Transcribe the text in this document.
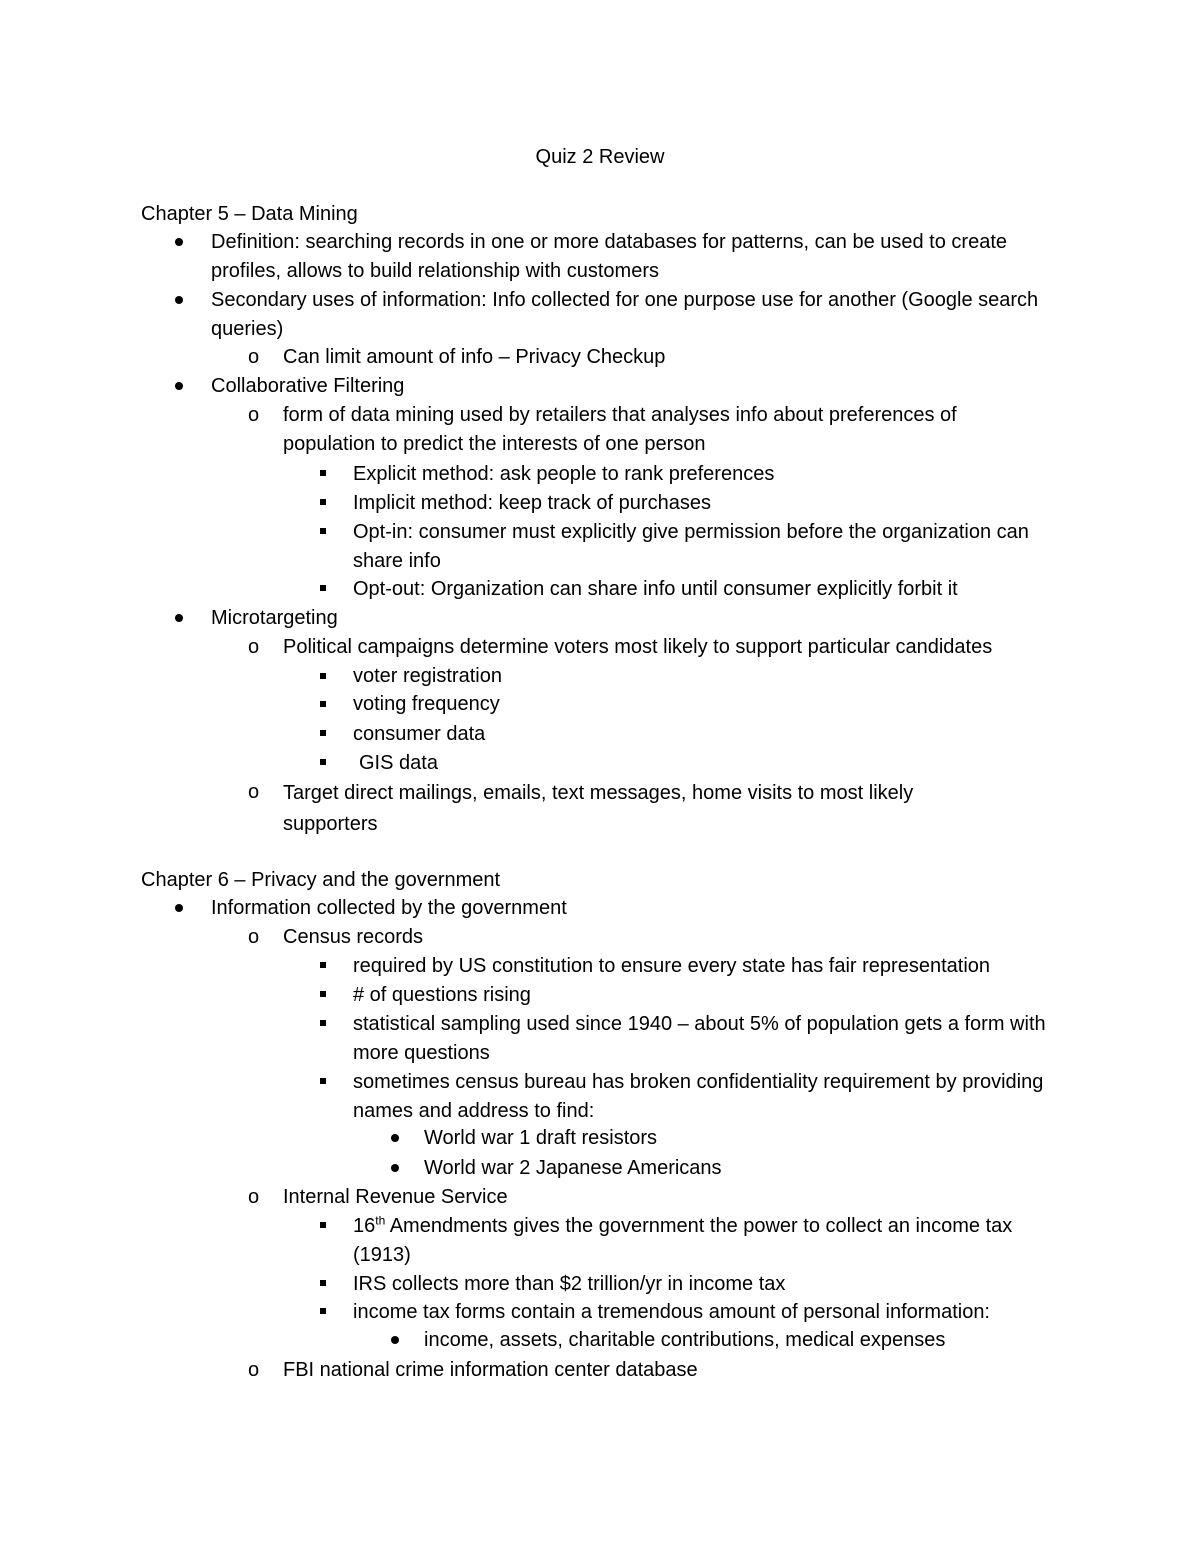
Quiz 2 Review
Chapter 5 – Data Mining
Definition: searching records in one or more databases for patterns, can be used to create profiles, allows to build relationship with customers
Secondary uses of information: Info collected for one purpose use for another (Google search queries)
o Can limit amount of info – Privacy Checkup
Collaborative Filtering
o form of data mining used by retailers that analyses info about preferences of population to predict the interests of one person
Explicit method: ask people to rank preferences
Implicit method: keep track of purchases
Opt-in: consumer must explicitly give permission before the organization can share info
Opt-out: Organization can share info until consumer explicitly forbit it
Microtargeting
o Political campaigns determine voters most likely to support particular candidates
voter registration
voting frequency
consumer data
GIS data
o Target direct mailings, emails, text messages, home visits to most likely supporters
Chapter 6 – Privacy and the government
Information collected by the government
o Census records
required by US constitution to ensure every state has fair representation
# of questions rising
statistical sampling used since 1940 – about 5% of population gets a form with more questions
sometimes census bureau has broken confidentiality requirement by providing names and address to find:
World war 1 draft resistors
World war 2 Japanese Americans
o Internal Revenue Service
16th Amendments gives the government the power to collect an income tax (1913)
IRS collects more than $2 trillion/yr in income tax
income tax forms contain a tremendous amount of personal information:
income, assets, charitable contributions, medical expenses
o FBI national crime information center database
